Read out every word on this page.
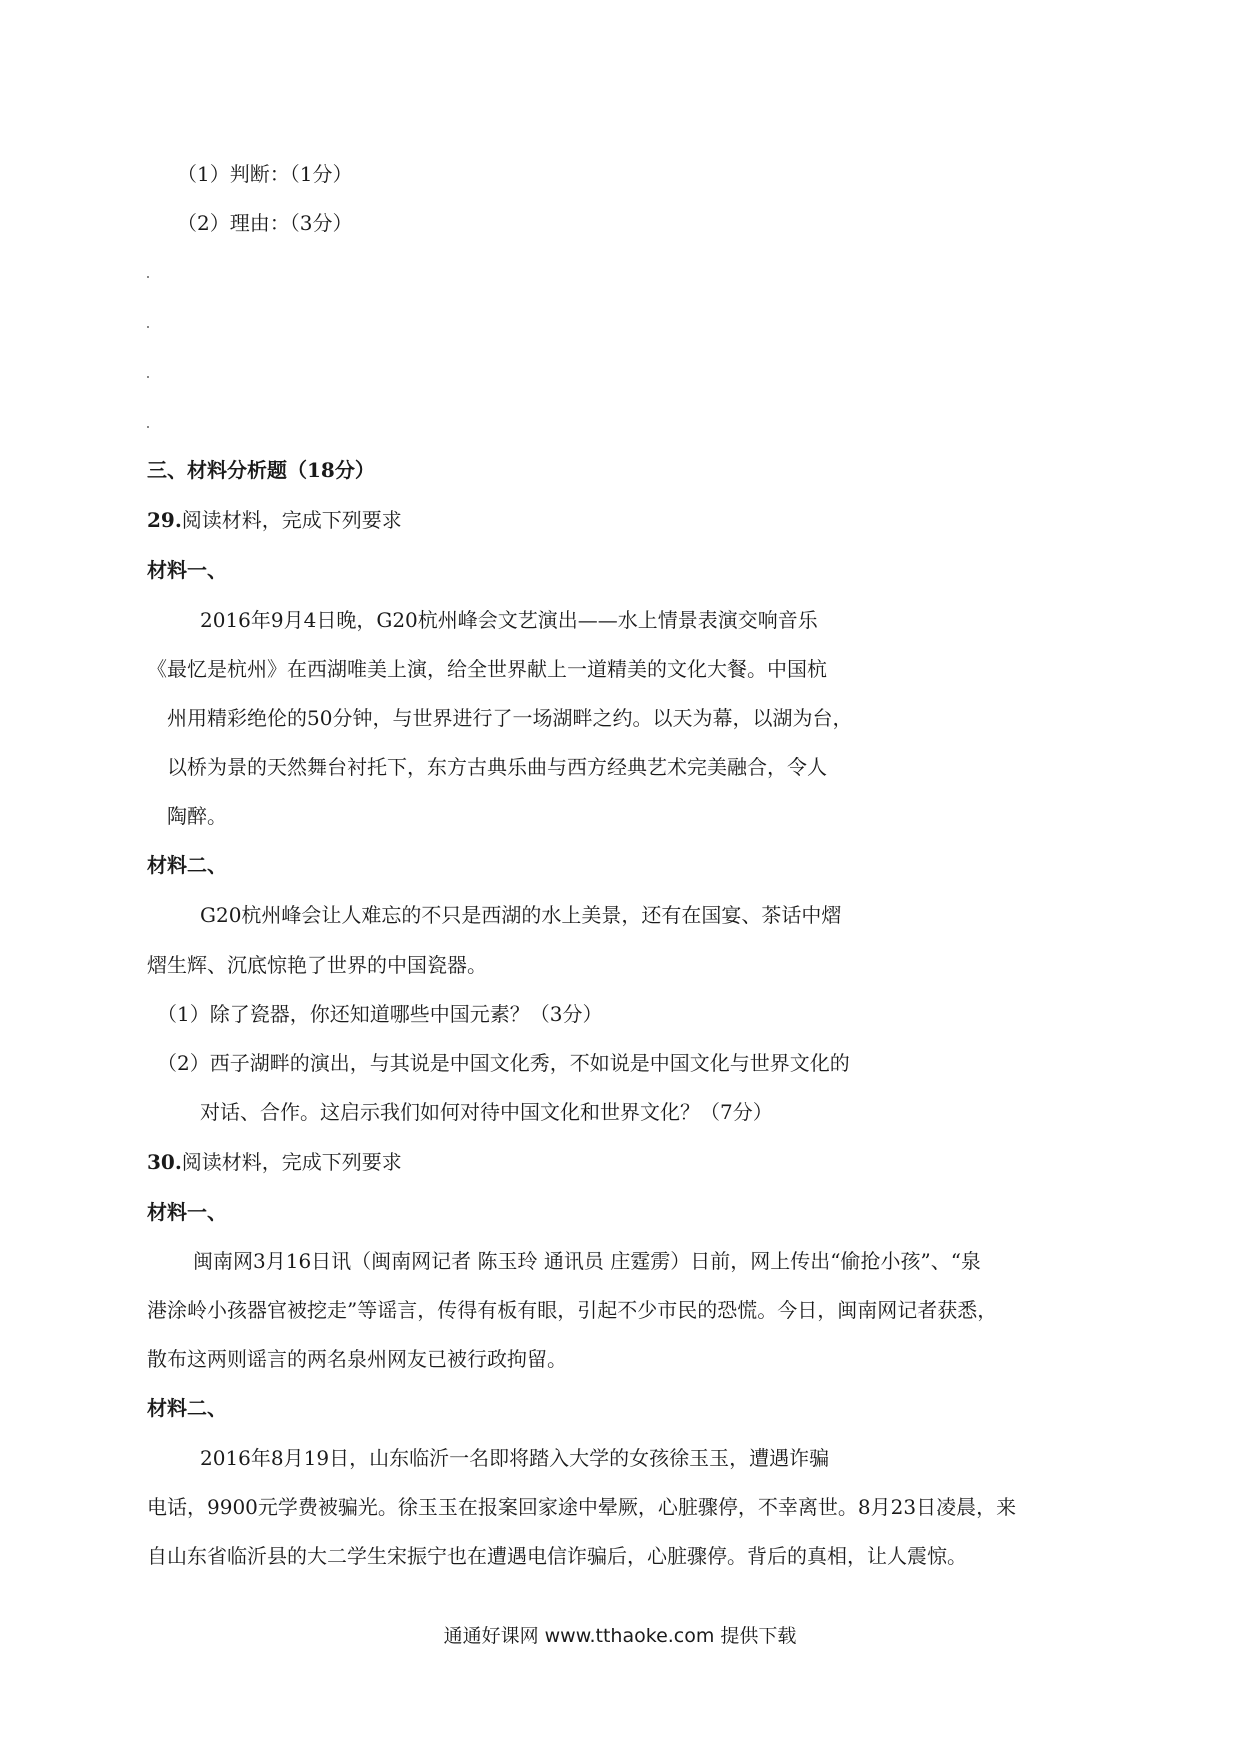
（1）判断：（1分）
（2）理由：（3分）
三、材料分析题（18分）
29.阅读材料，完成下列要求
材料一、
2016年9月4日晚，G20杭州峰会文艺演出——水上情景表演交响音乐
《最忆是杭州》在西湖唯美上演，给全世界献上一道精美的文化大餐。中国杭
州用精彩绝伦的50分钟，与世界进行了一场湖畔之约。以天为幕，以湖为台，
以桥为景的天然舞台衬托下，东方古典乐曲与西方经典艺术完美融合，令人
陶醉。
材料二、
G20杭州峰会让人难忘的不只是西湖的水上美景，还有在国宴、茶话中熠
熠生辉、沉底惊艳了世界的中国瓷器。
（1）除了瓷器，你还知道哪些中国元素？（3分）
（2）西子湖畔的演出，与其说是中国文化秀，不如说是中国文化与世界文化的
对话、合作。这启示我们如何对待中国文化和世界文化？（7分）
30.阅读材料，完成下列要求
材料一、
闽南网3月16日讯（闽南网记者 陈玉玲 通讯员 庄霆雳）日前，网上传出“偷抢小孩”、“泉
港涂岭小孩器官被挖走”等谣言，传得有板有眼，引起不少市民的恐慌。今日，闽南网记者获悉，
散布这两则谣言的两名泉州网友已被行政拘留。
材料二、
2016年8月19日，山东临沂一名即将踏入大学的女孩徐玉玉，遭遇诈骗
电话，9900元学费被骗光。徐玉玉在报案回家途中晕厥，心脏骤停，不幸离世。8月23日凌晨，来
自山东省临沂县的大二学生宋振宁也在遭遇电信诈骗后，心脏骤停。背后的真相，让人震惊。
通通好课网 www.tthaoke.com 提供下载
